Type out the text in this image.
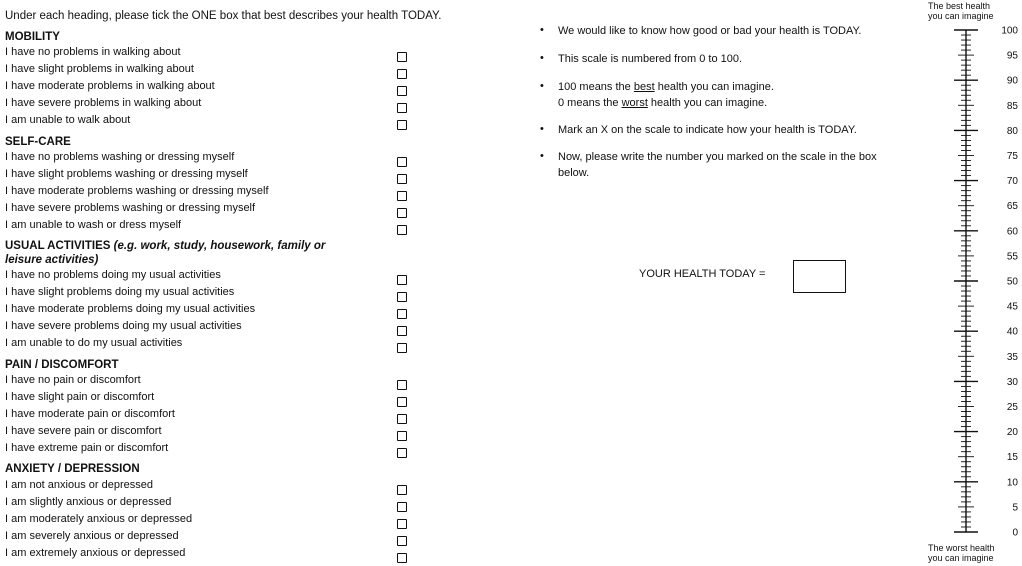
Under each heading, please tick the ONE box that best describes your health TODAY.
MOBILITY
I have no problems in walking about
I have slight problems in walking about
I have moderate problems in walking about
I have severe problems in walking about
I am unable to walk about
SELF-CARE
I have no problems washing or dressing myself
I have slight problems washing or dressing myself
I have moderate problems washing or dressing myself
I have severe problems washing or dressing myself
I am unable to wash or dress myself
USUAL ACTIVITIES (e.g. work, study, housework, family or
leisure activities)
I have no problems doing my usual activities
I have slight problems doing my usual activities
I have moderate problems doing my usual activities
I have severe problems doing my usual activities
I am unable to do my usual activities
PAIN / DISCOMFORT
I have no pain or discomfort
I have slight pain or discomfort
I have moderate pain or discomfort
I have severe pain or discomfort
I have extreme pain or discomfort
ANXIETY / DEPRESSION
I am not anxious or depressed
I am slightly anxious or depressed
I am moderately anxious or depressed
I am severely anxious or depressed
I am extremely anxious or depressed
• We would like to know how good or bad your health is TODAY.
• This scale is numbered from 0 to 100.
• 100 means the best health you can imagine.
0 means the worst health you can imagine.
• Mark an X on the scale to indicate how your health is TODAY.
• Now, please write the number you marked on the scale in the box
below.
YOUR HEALTH TODAY =
The best health
you can imagine
0
5
10
15
20
25
30
35
40
45
50
55
60
65
70
75
80
85
90
95
100
The worst health
you can imagine
